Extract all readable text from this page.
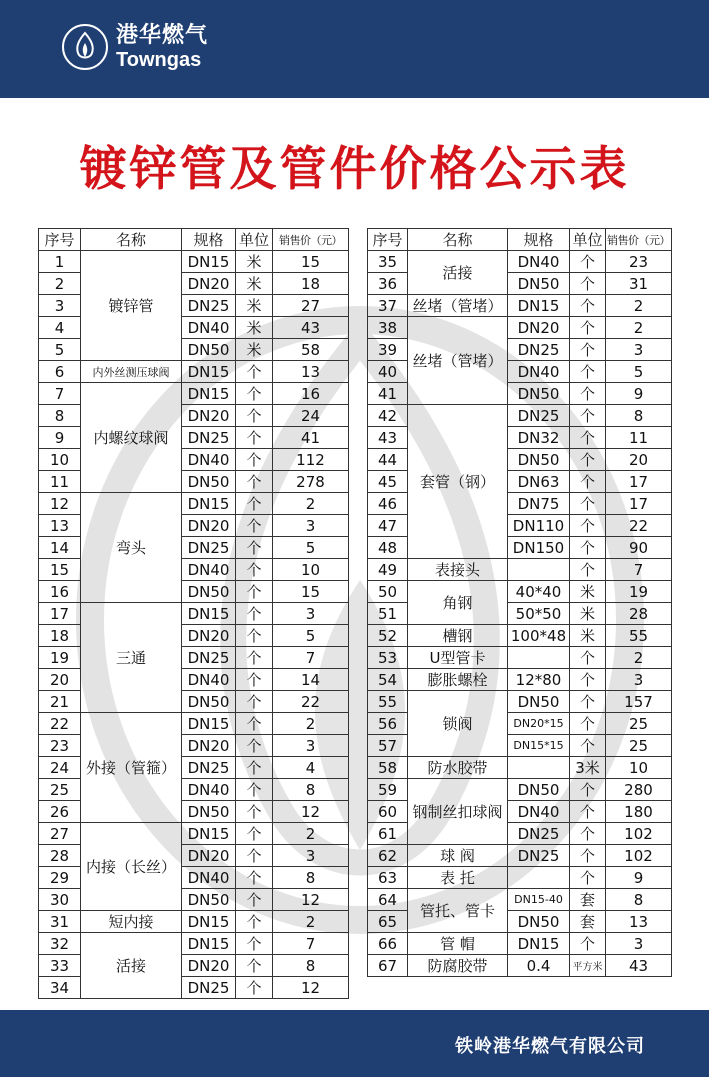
港华燃气
Towngas
镀锌管及管件价格公示表
序号	名称	规格	单位	销售价（元）
1	镀锌管	DN15	米	15
2		DN20	米	18
3		DN25	米	27
4		DN40	米	43
5		DN50	米	58
6	内外丝测压球阀	DN15	个	13
7	内螺纹球阀	DN15	个	16
8		DN20	个	24
9		DN25	个	41
10		DN40	个	112
11		DN50	个	278
12	弯头	DN15	个	2
13		DN20	个	3
14		DN25	个	5
15		DN40	个	10
16		DN50	个	15
17	三通	DN15	个	3
18		DN20	个	5
19		DN25	个	7
20		DN40	个	14
21		DN50	个	22
22	外接（管箍）	DN15	个	2
23		DN20	个	3
24		DN25	个	4
25		DN40	个	8
26		DN50	个	12
27	内接（长丝）	DN15	个	2
28		DN20	个	3
29		DN40	个	8
30		DN50	个	12
31	短内接	DN15	个	2
32	活接	DN15	个	7
33		DN20	个	8
34		DN25	个	12
序号	名称	规格	单位	销售价（元）
35	活接	DN40	个	23
36		DN50	个	31
37	丝堵（管堵）	DN15	个	2
38	丝堵（管堵）	DN20	个	2
39		DN25	个	3
40		DN40	个	5
41		DN50	个	9
42	套管（钢）	DN25	个	8
43		DN32	个	11
44		DN50	个	20
45		DN63	个	17
46		DN75	个	17
47		DN110	个	22
48		DN150	个	90
49	表接头		个	7
50	角钢	40*40	米	19
51		50*50	米	28
52	槽钢	100*48	米	55
53	U型管卡		个	2
54	膨胀螺栓	12*80	个	3
55	锁阀	DN50	个	157
56		DN20*15	个	25
57		DN15*15	个	25
58	防水胶带		3米	10
59	钢制丝扣球阀	DN50	个	280
60		DN40	个	180
61		DN25	个	102
62	球 阀	DN25	个	102
63	表 托		个	9
64	管托、管卡	DN15-40	套	8
65		DN50	套	13
66	管 帽	DN15	个	3
67	防腐胶带	0.4	平方米	43
铁岭港华燃气有限公司
